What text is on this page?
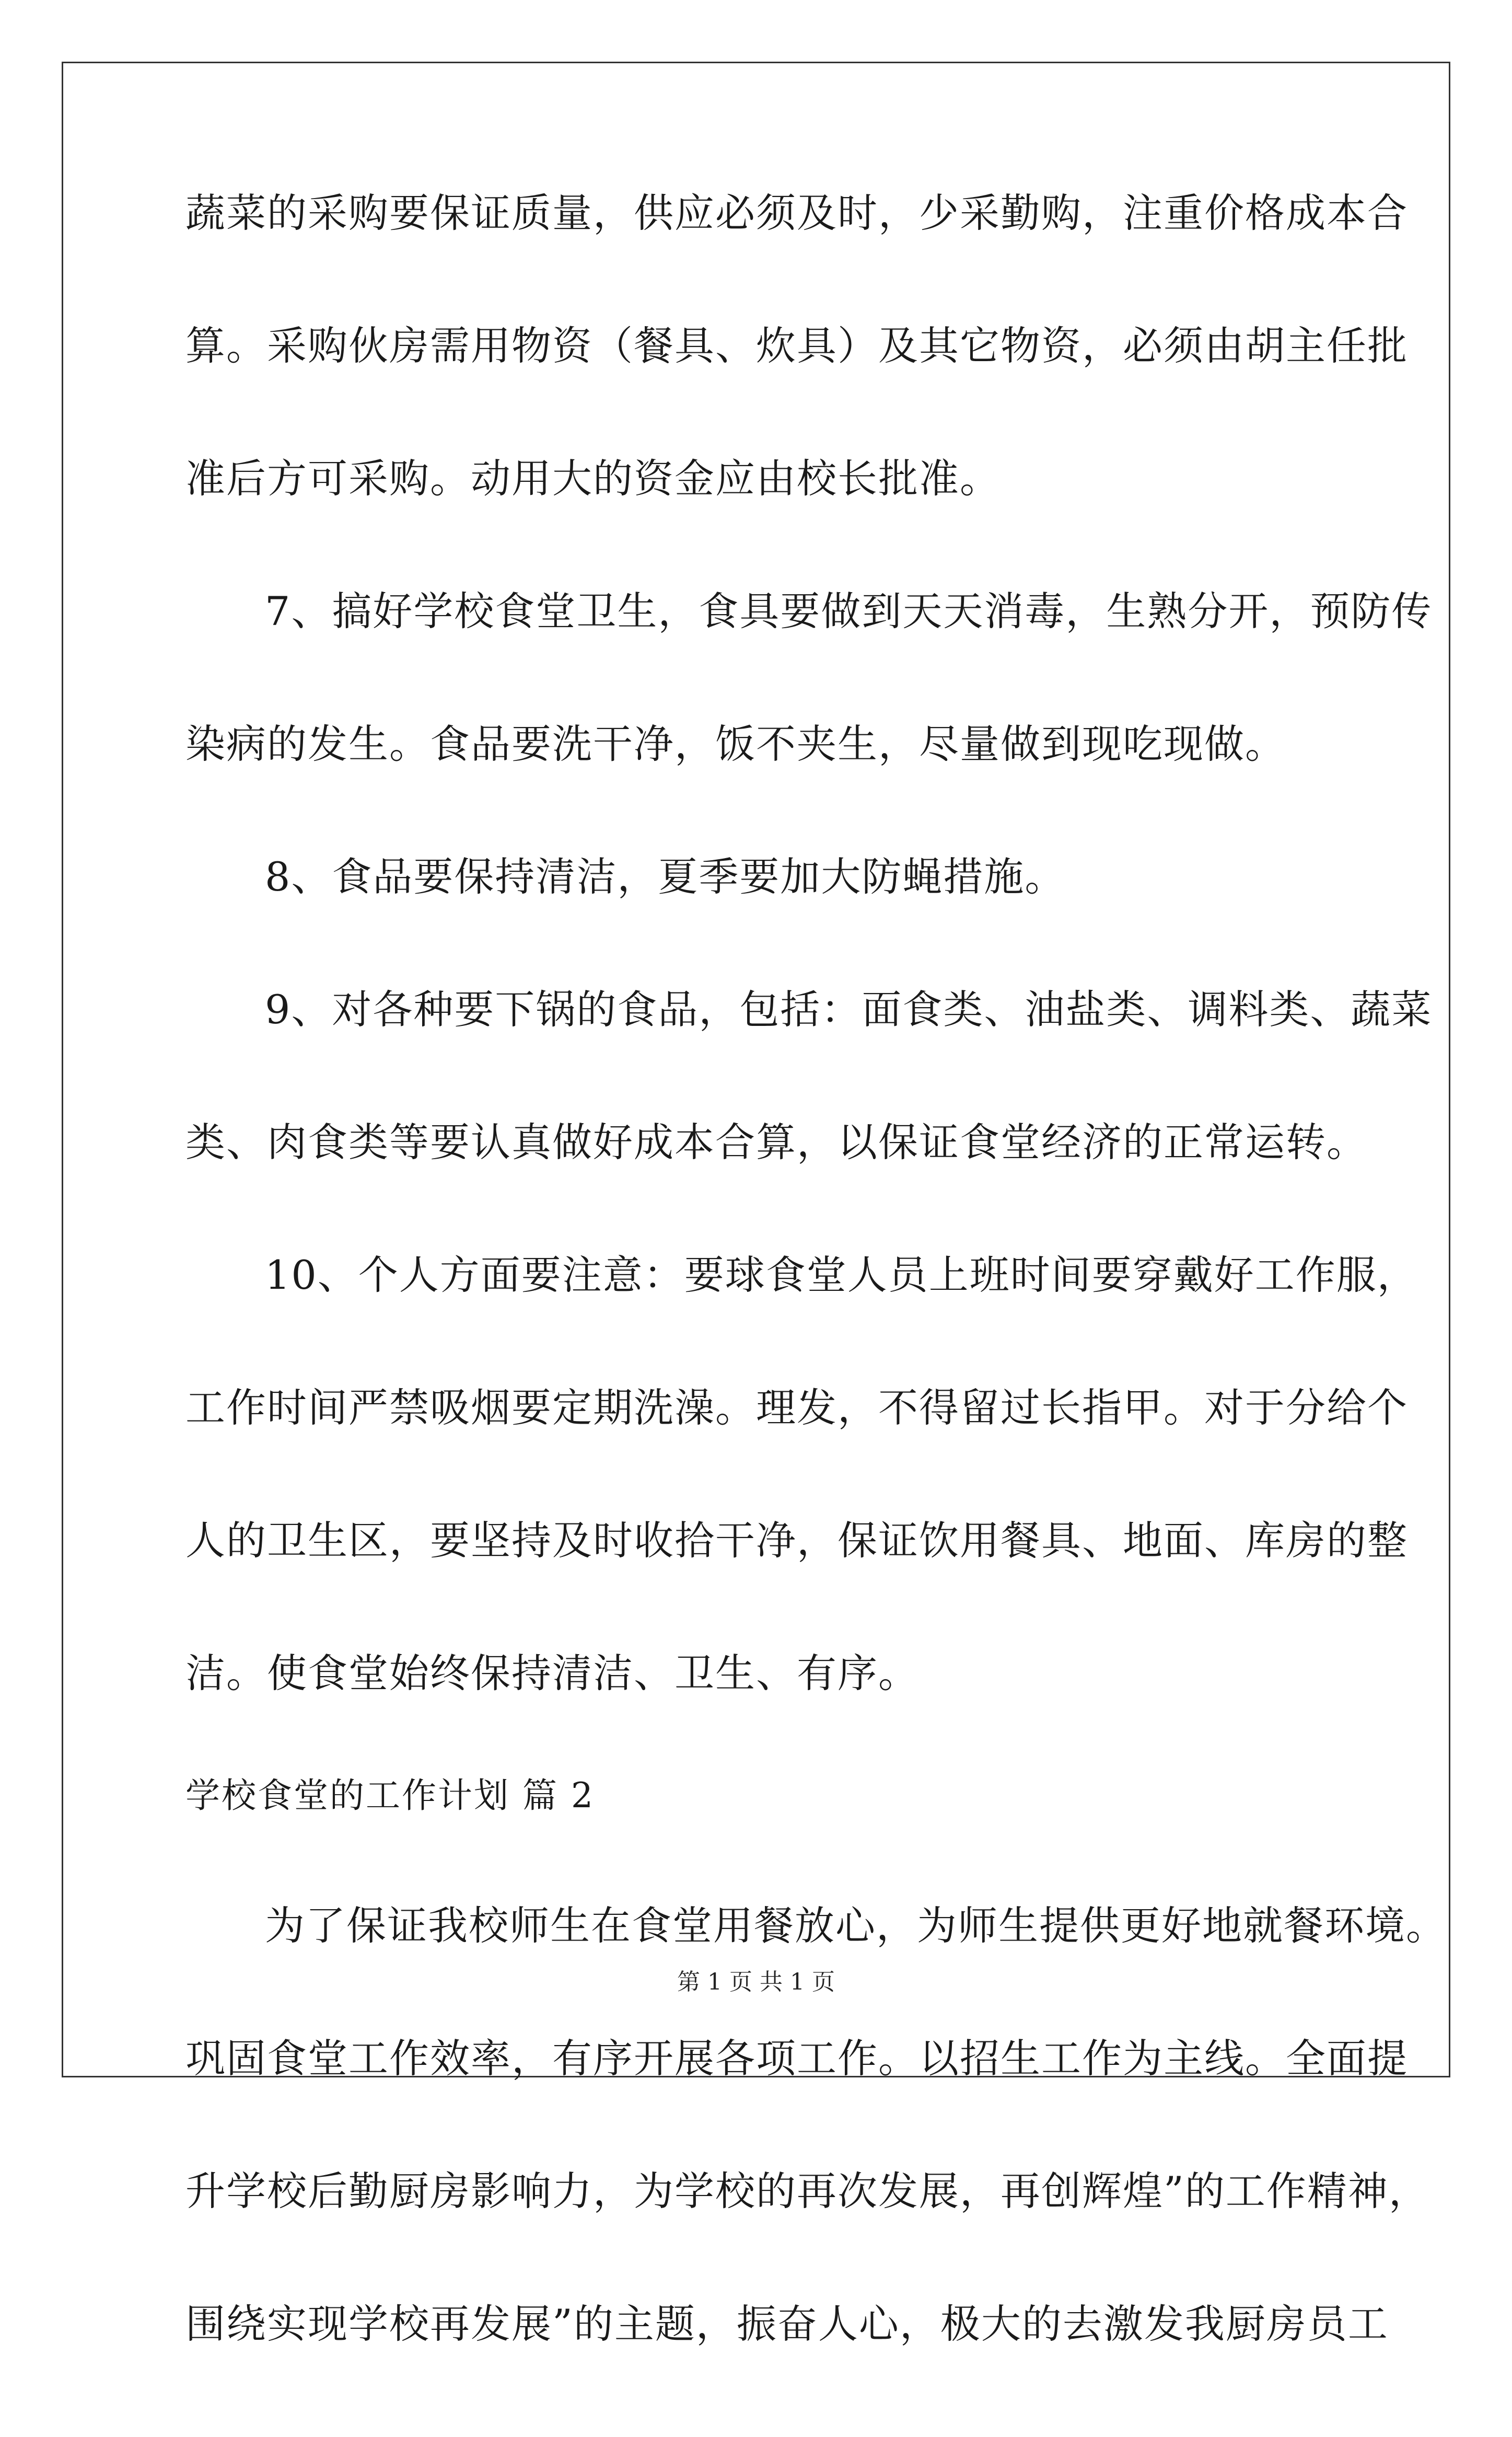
蔬菜的采购要保证质量，供应必须及时，少采勤购，注重价格成本合
算。采购伙房需用物资（餐具、炊具）及其它物资，必须由胡主任批
准后方可采购。动用大的资金应由校长批准。
7、搞好学校食堂卫生，食具要做到天天消毒，生熟分开，预防传
染病的发生。食品要洗干净，饭不夹生，尽量做到现吃现做。
8、食品要保持清洁，夏季要加大防蝇措施。
9、对各种要下锅的食品，包括：面食类、油盐类、调料类、蔬菜
类、肉食类等要认真做好成本合算，以保证食堂经济的正常运转。
10、个人方面要注意：要球食堂人员上班时间要穿戴好工作服，
工作时间严禁吸烟要定期洗澡。理发，不得留过长指甲。对于分给个
人的卫生区，要坚持及时收拾干净，保证饮用餐具、地面、库房的整
洁。使食堂始终保持清洁、卫生、有序。
学校食堂的工作计划 篇 2
为了保证我校师生在食堂用餐放心，为师生提供更好地就餐环境。
巩固食堂工作效率，有序开展各项工作。以招生工作为主线。全面提
升学校后勤厨房影响力，为学校的再次发展，再创辉煌”的工作精神，
围绕实现学校再发展”的主题，振奋人心，极大的去激发我厨房员工
第 1 页 共 1 页
